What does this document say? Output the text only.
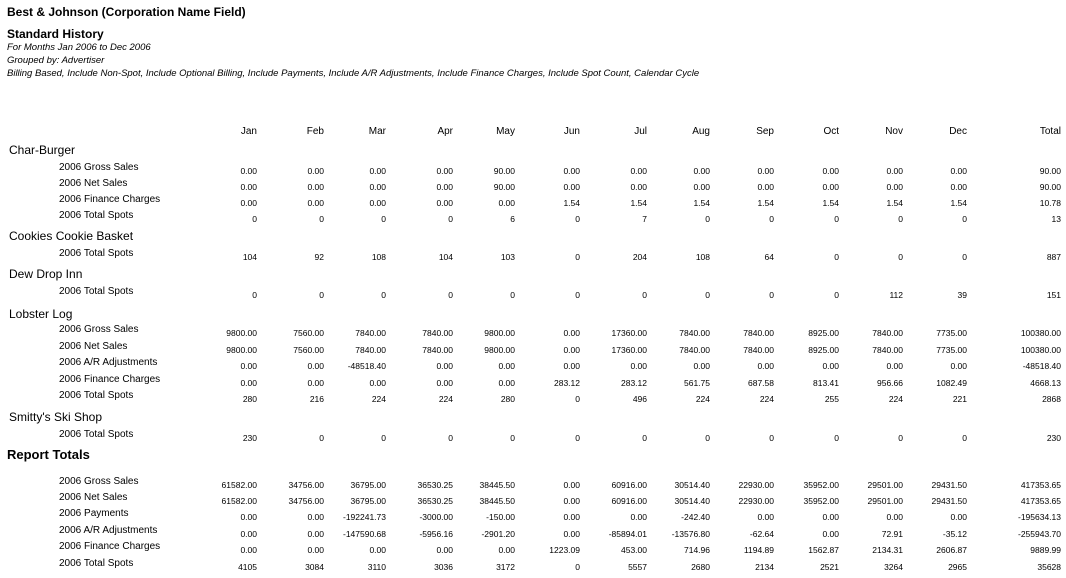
Best & Johnson (Corporation Name Field)
Standard History
For Months Jan 2006 to Dec 2006
Grouped by: Advertiser
Billing Based, Include Non-Spot, Include Optional Billing, Include Payments, Include A/R Adjustments, Include Finance Charges, Include Spot Count, Calendar Cycle
Jan	Feb	Mar	Apr	May	Jun	Jul	Aug	Sep	Oct	Nov	Dec	Total
Char-Burger
2006 Gross Sales	0.00	0.00	0.00	0.00	90.00	0.00	0.00	0.00	0.00	0.00	0.00	0.00	90.00
2006 Net Sales	0.00	0.00	0.00	0.00	90.00	0.00	0.00	0.00	0.00	0.00	0.00	0.00	90.00
2006 Finance Charges	0.00	0.00	0.00	0.00	0.00	1.54	1.54	1.54	1.54	1.54	1.54	1.54	10.78
2006 Total Spots	0	0	0	0	6	0	7	0	0	0	0	0	13
Cookies Cookie Basket
2006 Total Spots	104	92	108	104	103	0	204	108	64	0	0	0	887
Dew Drop Inn
2006 Total Spots	0	0	0	0	0	0	0	0	0	0	112	39	151
Lobster Log
2006 Gross Sales	9800.00	7560.00	7840.00	7840.00	9800.00	0.00	17360.00	7840.00	7840.00	8925.00	7840.00	7735.00	100380.00
2006 Net Sales	9800.00	7560.00	7840.00	7840.00	9800.00	0.00	17360.00	7840.00	7840.00	8925.00	7840.00	7735.00	100380.00
2006 A/R Adjustments	0.00	0.00	-48518.40	0.00	0.00	0.00	0.00	0.00	0.00	0.00	0.00	0.00	-48518.40
2006 Finance Charges	0.00	0.00	0.00	0.00	0.00	283.12	283.12	561.75	687.58	813.41	956.66	1082.49	4668.13
2006 Total Spots	280	216	224	224	280	0	496	224	224	255	224	221	2868
Smitty's Ski Shop
2006 Total Spots	230	0	0	0	0	0	0	0	0	0	0	0	230
Report Totals
2006 Gross Sales	61582.00	34756.00	36795.00	36530.25	38445.50	0.00	60916.00	30514.40	22930.00	35952.00	29501.00	29431.50	417353.65
2006 Net Sales	61582.00	34756.00	36795.00	36530.25	38445.50	0.00	60916.00	30514.40	22930.00	35952.00	29501.00	29431.50	417353.65
2006 Payments	0.00	0.00	-192241.73	-3000.00	-150.00	0.00	0.00	-242.40	0.00	0.00	0.00	0.00	-195634.13
2006 A/R Adjustments	0.00	0.00	-147590.68	-5956.16	-2901.20	0.00	-85894.01	-13576.80	-62.64	0.00	72.91	-35.12	-255943.70
2006 Finance Charges	0.00	0.00	0.00	0.00	0.00	1223.09	453.00	714.96	1194.89	1562.87	2134.31	2606.87	9889.99
2006 Total Spots	4105	3084	3110	3036	3172	0	5557	2680	2134	2521	3264	2965	35628
